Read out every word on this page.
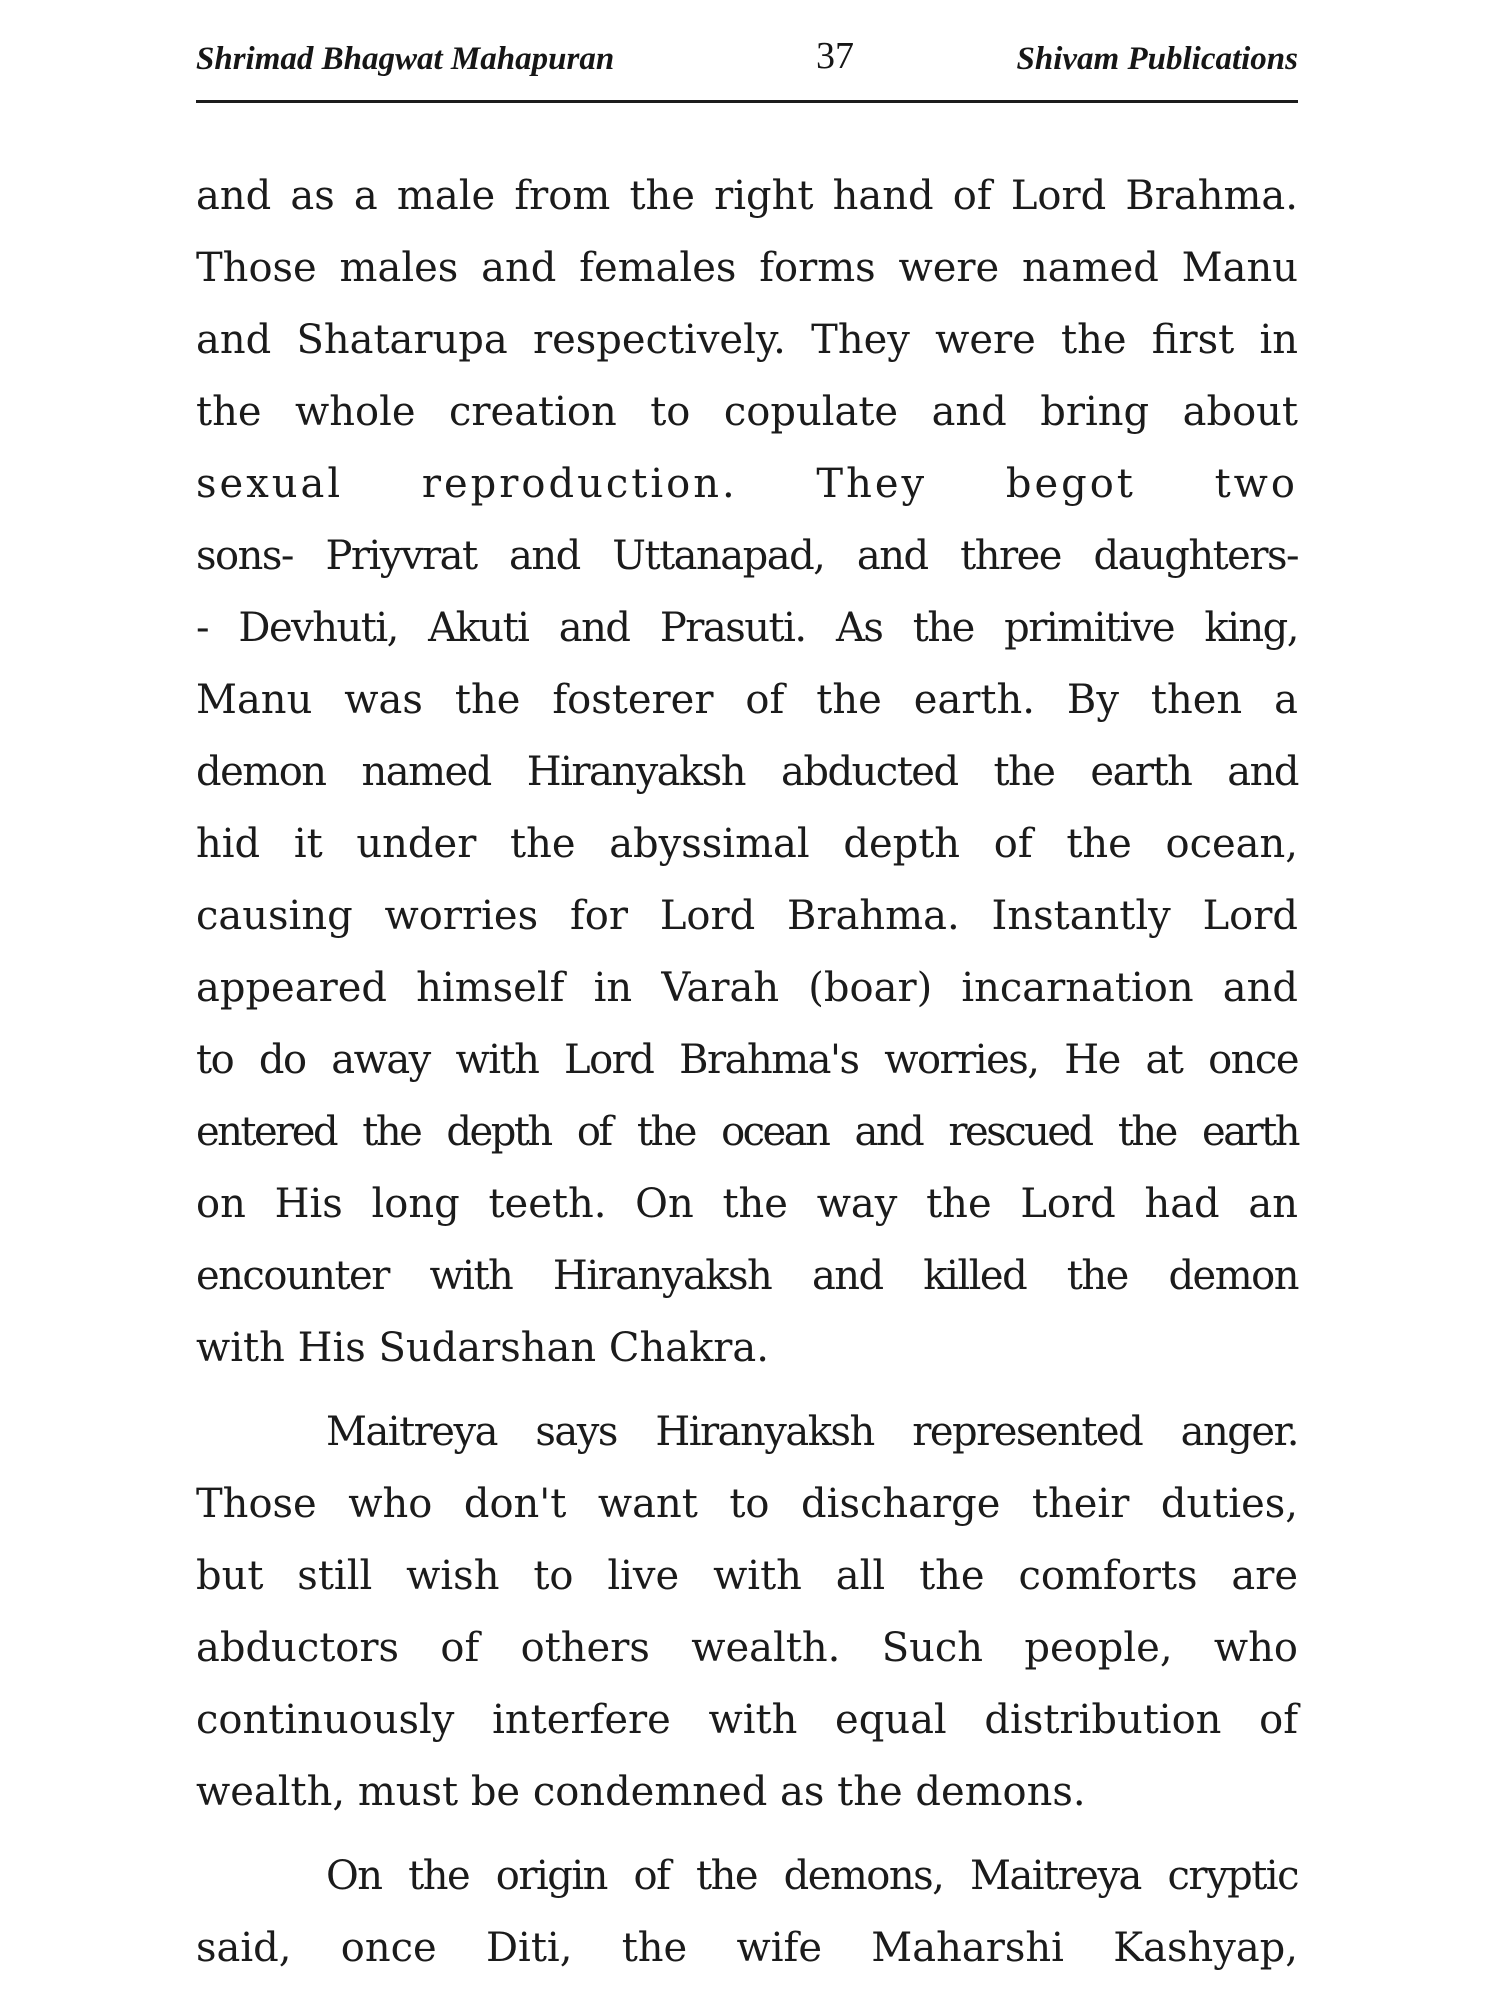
Shrimad Bhagwat Mahapuran	37	Shivam Publications
and as a male from the right hand of Lord Brahma.
Those males and females forms were named Manu
and Shatarupa respectively. They were the first in
the whole creation to copulate and bring about
sexual reproduction. They begot two
sons- Priyvrat and Uttanapad, and three daughters-
- Devhuti, Akuti and Prasuti. As the primitive king,
Manu was the fosterer of the earth. By then a
demon named Hiranyaksh abducted the earth and
hid it under the abyssimal depth of the ocean,
causing worries for Lord Brahma. Instantly Lord
appeared himself in Varah (boar) incarnation and
to do away with Lord Brahma's worries, He at once
entered the depth of the ocean and rescued the earth
on His long teeth. On the way the Lord had an
encounter with Hiranyaksh and killed the demon
with His Sudarshan Chakra.
Maitreya says Hiranyaksh represented anger.
Those who don't want to discharge their duties,
but still wish to live with all the comforts are
abductors of others wealth. Such people, who
continuously interfere with equal distribution of
wealth, must be condemned as the demons.
On the origin of the demons, Maitreya cryptic
said, once Diti, the wife Maharshi Kashyap,
